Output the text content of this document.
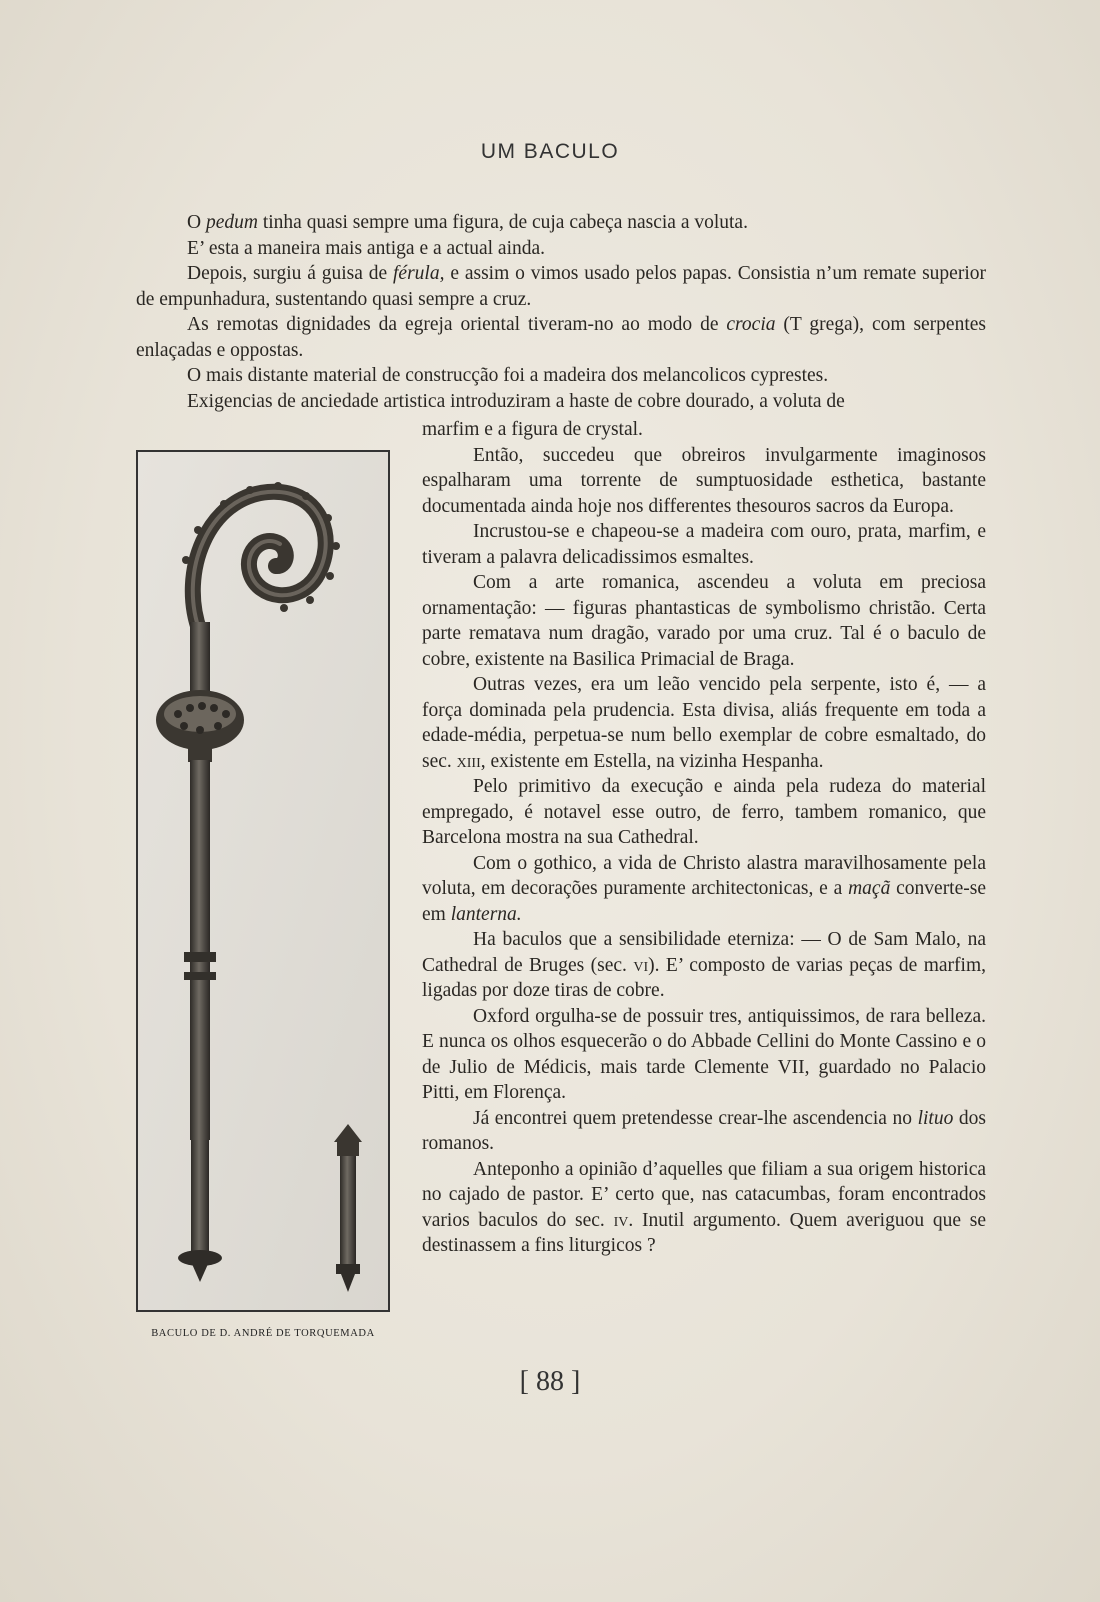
UM BACULO

O pedum tinha quasi sempre uma figura, de cuja cabeça nascia a voluta.

E’ esta a maneira mais antiga e a actual ainda.

Depois, surgiu á guisa de férula, e assim o vimos usado pelos papas. Consistia n’um remate superior de empunhadura, sustentando quasi sempre a cruz.

As remotas dignidades da egreja oriental tiveram-no ao modo de crocia (T grega), com serpentes enlaçadas e oppostas.

O mais distante material de construcção foi a madeira dos melancolicos cyprestes.

Exigencias de anciedade artistica introduziram a haste de cobre dourado, a voluta de

BACULO DE D. ANDRÉ DE TORQUEMADA

marfim e a figura de crystal.

Então, succedeu que obreiros invulgarmente imaginosos espalharam uma torrente de sumptuosidade esthetica, bastante documentada ainda hoje nos differentes thesouros sacros da Europa.

Incrustou-se e chapeou-se a madeira com ouro, prata, marfim, e tiveram a palavra delicadissimos esmaltes.

Com a arte romanica, ascendeu a voluta em preciosa ornamentação: — figuras phantasticas de symbolismo christão. Certa parte rematava num dragão, varado por uma cruz. Tal é o baculo de cobre, existente na Basilica Primacial de Braga.

Outras vezes, era um leão vencido pela serpente, isto é, — a força dominada pela prudencia. Esta divisa, aliás frequente em toda a edade-média, perpetua-se num bello exemplar de cobre esmaltado, do sec. xiii, existente em Estella, na vizinha Hespanha.

Pelo primitivo da execução e ainda pela rudeza do material empregado, é notavel esse outro, de ferro, tambem romanico, que Barcelona mostra na sua Cathedral.

Com o gothico, a vida de Christo alastra maravilhosamente pela voluta, em decorações puramente architectonicas, e a maçã converte-se em lanterna.

Ha baculos que a sensibilidade eterniza: — O de Sam Malo, na Cathedral de Bruges (sec. vi). E’ composto de varias peças de marfim, ligadas por doze tiras de cobre.

Oxford orgulha-se de possuir tres, antiquissimos, de rara belleza. E nunca os olhos esquecerão o do Abbade Cellini do Monte Cassino e o de Julio de Médicis, mais tarde Clemente VII, guardado no Palacio Pitti, em Florença.

Já encontrei quem pretendesse crear-lhe ascendencia no lituo dos romanos.

Anteponho a opinião d’aquelles que filiam a sua origem historica no cajado de pastor. E’ certo que, nas catacumbas, foram encontrados varios baculos do sec. iv. Inutil argumento. Quem averiguou que se destinassem a fins liturgicos ?

[ 88 ]
